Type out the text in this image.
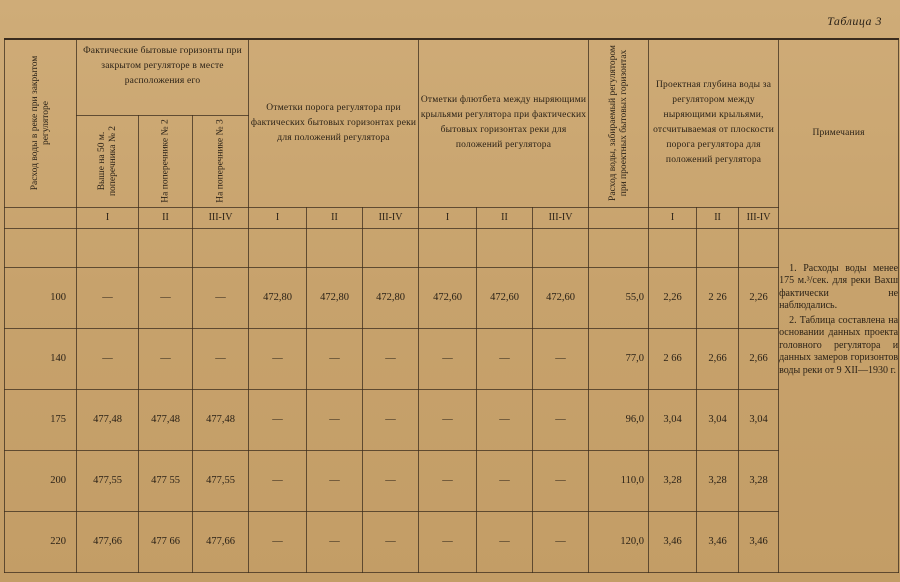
Таблица 3
Расход воды в реке при закрытом регуляторе	Фактические бытовые горизонты при закрытом регуляторе в месте расположения его			Отметки порога регулятора при фактических бытовых горизонтах реки для положений регулятора			Отметки флютбета между ныряющими крыльями регулятора при фактических бытовых горизонтах реки для положений регулятора			Расход воды, забираемый регулятором при проектных бытовых горизонтах	Проектная глубина воды за регулятором между ныряющими крыльями, отсчитываемая от плоскости порога регулятора для положений регулятора			Примечания

	Выше на 50 м. поперечника № 2	На поперечнике № 2	На поперечнике № 3											

	I	II	III-IV	I	II	III-IV	I	II	III-IV		I	II	III-IV	

														1. Расходы воды менее 175 м.³/сек. для реки Вахш фактически не наблюдались.

2. Таблица составлена на основании данных проекта головного регулятора и данных замеров горизонтов воды реки от 9 XII—1930 г.

100	—	—	—	472,80	472,80	472,80	472,60	472,60	472,60	55,0	2,26	2 26	2,26	
140	—	—	—	—	—	—	—	—	—	77,0	2 66	2,66	2,66	
175	477,48	477,48	477,48	—	—	—	—	—	—	96,0	3,04	3,04	3,04	
200	477,55	477 55	477,55	—	—	—	—	—	—	110,0	3,28	3,28	3,28	
220	477,66	477 66	477,66	—	—	—	—	—	—	120,0	3,46	3,46	3,46	
